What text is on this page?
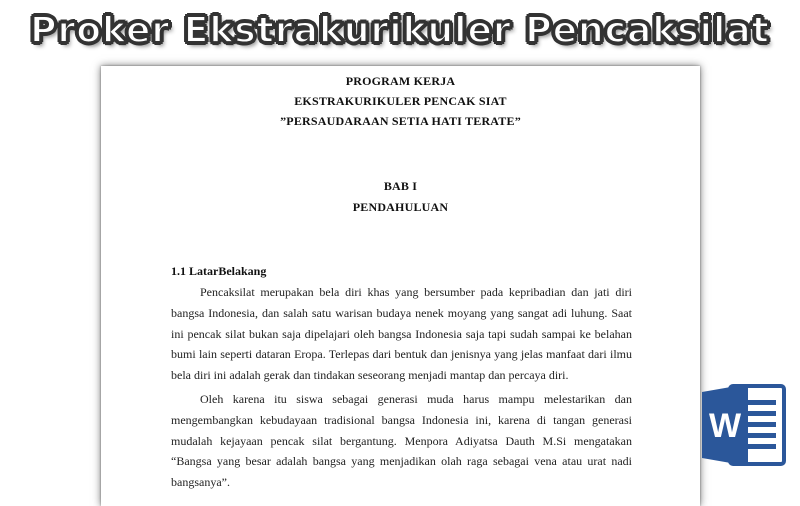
Proker Ekstrakurikuler Pencaksilat
PROGRAM KERJA
EKSTRAKURIKULER PENCAK SIAT
”PERSAUDARAAN SETIA HATI TERATE”
BAB I
PENDAHULUAN
1.1 LatarBelakang

Pencaksilat merupakan bela diri khas yang bersumber pada kepribadian dan jati diri bangsa Indonesia, dan salah satu warisan budaya nenek moyang yang sangat adi luhung. Saat ini pencak silat bukan saja dipelajari oleh bangsa Indonesia saja tapi sudah sampai ke belahan bumi lain seperti dataran Eropa. Terlepas dari bentuk dan jenisnya yang jelas manfaat dari ilmu bela diri ini adalah gerak dan tindakan seseorang menjadi mantap dan percaya diri.

Oleh karena itu siswa sebagai generasi muda harus mampu melestarikan dan mengembangkan kebudayaan tradisional bangsa Indonesia ini, karena di tangan generasi mudalah kejayaan pencak silat bergantung. Menpora Adiyatsa Dauth M.Si mengatakan “Bangsa yang besar adalah bangsa yang menjadikan olah raga sebagai vena atau urat nadi bangsanya”.

W
